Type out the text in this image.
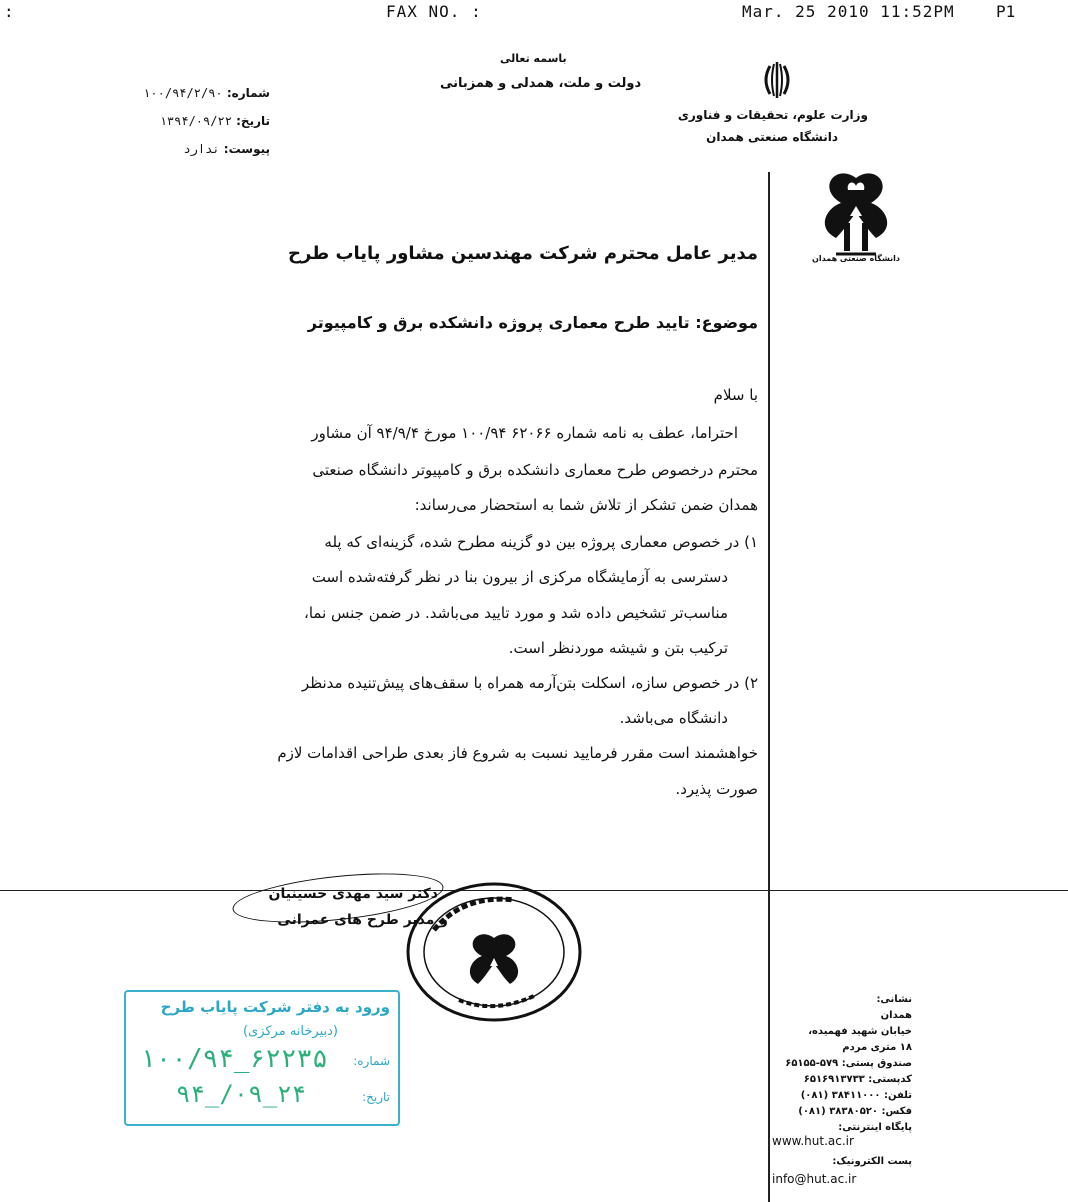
:	FAX NO. :	Mar. 25 2010 11:52PM	P1
باسمه تعالی
دولت و ملت، همدلی و همزبانی
وزارت علوم، تحقیقات و فناوری
دانشگاه صنعتی همدان
شماره: ۱۰۰/۹۴/۲/۹۰
تاریخ: ۱۳۹۴/۰۹/۲۲
پیوست: ندارد
دانشگاه صنعتی همدان
مدیر عامل محترم شرکت مهندسین مشاور پایاب طرح
موضوع: تایید طرح معماری پروژه دانشکده برق و کامپیوتر
با سلام
احتراما، عطف به نامه شماره ۶۲۰۶۶ ۱۰۰/۹۴ مورخ ۹۴/۹/۴ آن مشاور
محترم درخصوص طرح معماری دانشکده برق و کامپیوتر دانشگاه صنعتی
همدان ضمن تشکر از تلاش شما به استحضار می‌رساند:
۱) در خصوص معماری پروژه بین دو گزینه مطرح شده، گزینه‌ای که پله
دسترسی به آزمایشگاه مرکزی از بیرون بنا در نظر گرفته‌شده است
مناسب‌تر تشخیص داده شد و مورد تایید می‌باشد. در ضمن جنس نما،
ترکیب بتن و شیشه موردنظر است.
۲) در خصوص سازه، اسکلت بتن‌آرمه همراه با سقف‌های پیش‌تنیده مدنظر
دانشگاه می‌باشد.
خواهشمند است مقرر فرمایید نسبت به شروع فاز بعدی طراحی اقدامات لازم
صورت پذیرد.
دکتر سید مهدی حسینیان
و مدیر طرح های عمرانی
ورود به دفتر شرکت پایاب طرح
(دبیرخانه مرکزی)
شماره:
۱۰۰/۹۴_۶۲۲۳۵
تاریخ:
۹۴_/۰۹_۲۴
نشانی:
همدان
خیابان شهید فهمیده،
۱۸ متری مردم
صندوق پستی: ۵۷۹-۶۵۱۵۵
کدپستی: ۶۵۱۶۹۱۳۷۳۳
تلفن: ۳۸۴۱۱۰۰۰ (۰۸۱)
فکس: ۳۸۳۸۰۵۲۰ (۰۸۱)
پایگاه اینترنتی:
www.hut.ac.ir
پست الکترونیک:
info@hut.ac.ir
